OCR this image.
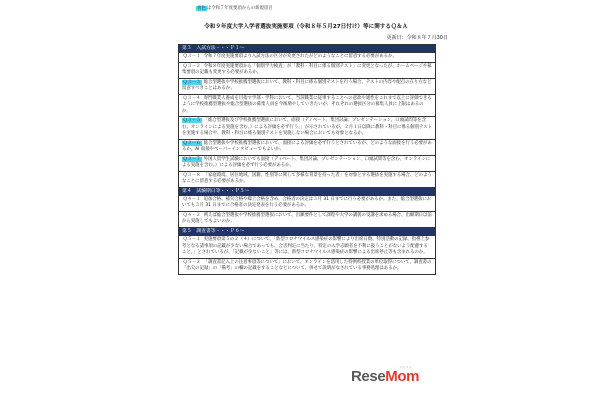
青色は令和７年度要項からの新規項目
令和９年度大学入学者選抜実施要項（令和８年５月27日付け）等に関するＱ＆Ａ
更新日：令和８年７月30日
第３　入試方法・・・Ｐ１～
Ｑ３－１ 令和７年度実施要項より入試方法の区分が変更されたがどのようなことに留意する必要があるか。
Ｑ３－２ 令和８年度実施要項から「個別学力検査」が「教科・科目に係る個別テスト」に変更となったが、ホームページや募集要項の記載も変更する必要があるか。
Ｑ３－３ 総合型選抜や学校推薦型選抜において、教科・科目に係る個別テストを行う場合、テストの内容や配点の在り方など留意すべきことはあるか。
Ｑ３－４ 専門職業人養成を目指す学部・学科において、当該職業に従事することへの意欲や適性をこれまで以上に評価できるように学校推薦型選抜や総合型選抜の募集人員を今後増やしていきたいが、それぞれの選抜区分の募集人員に上限はあるのか。
Ｑ３－５ 「総合型選抜及び学校推薦型選抜において、面接（ディベート、集団討論、プレゼンテーション、口頭試問等を含む。オンラインによる実施を含む。）による評価を必ず行う。」が示されているが、２月１日以降に教科・科目に係る個別テストを実施する場合や、教科・科目に係る個別テストを実施しない場合においても対象となるか。
Ｑ３－６ 総合型選抜や学校推薦型選抜において、面接による評価を必ず行うとされているが、どのような面接を行う必要があるか。AI 面接やペーパーインタビューでもよいか。
Ｑ３－７ 外国人留学生試験においても面接（ディベート、集団討論、プレゼンテーション、口頭試問等を含む。オンラインによる実施を含む。）による評価を必ず行う必要があるか。
Ｑ３－８ 「家庭環境、居住地域、国籍、性別等に関して多様な背景を持った者」を対象とする選抜を実施する場合、どのようなことに留意する必要があるか。
第４　試験期日等・・・Ｐ５～
Ｑ４－１ 追加合格、補欠合格や繰上合格を含め、合格者の決定は３月 31 日までに行う必要があるか。また、総合型選抜においても３月 31 日までに合格者の決定発表を行う必要があるか。
Ｑ４－２ 例えば総合型選抜や学校推薦型選抜において、出願要件として課程や大学の講義の受講を求める場合、出願期日以前から実施してもよいのか。
第５　調査書等・・・Ｐ６～
Ｑ５－１ 実施要項第５の２（４）について、「新型コロナウイルス感染症の影響により出席日数、特別活動の記録、指導上参考となる諸事項の記載が少ない場合であっても、合否判定に当たり、特定の入学志願者を不利に扱うことがないよう配慮すること。」とされているが、「記載が少ないこと」等には、新型コロナウイルス感染症の影響による出席停止等も含まれるのか。
Ｑ５－２ 「調査書記入上の注意事項等について」において、オンラインを活用した特例校授業の単位取得について、調査書の「出欠の記録」の「備考」の欄の記載をすることなどについて、併せて説明がなされている事務処理はあるか。
ReseMom
リセマム
